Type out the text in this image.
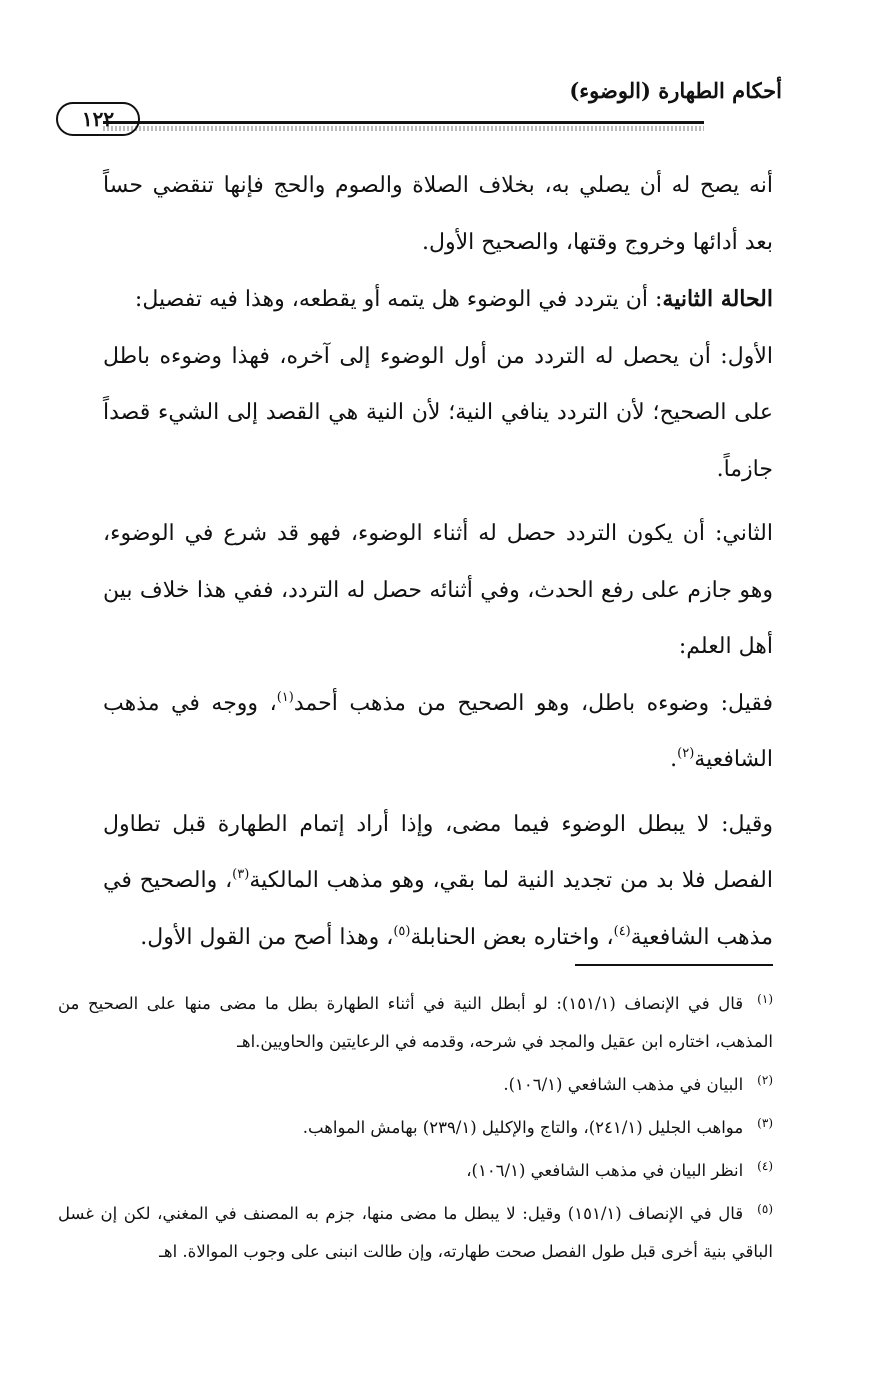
أحكام الطهارة (الوضوء)
١٢٢

أنه يصح له أن يصلي به، بخلاف الصلاة والصوم والحج فإنها تنقضي حساً بعد أدائها وخروج وقتها، والصحيح الأول.

الحالة الثانية: أن يتردد في الوضوء هل يتمه أو يقطعه، وهذا فيه تفصيل:

الأول: أن يحصل له التردد من أول الوضوء إلى آخره، فهذا وضوءه باطل على الصحيح؛ لأن التردد ينافي النية؛ لأن النية هي القصد إلى الشيء قصداً جازماً.

الثاني: أن يكون التردد حصل له أثناء الوضوء، فهو قد شرع في الوضوء، وهو جازم على رفع الحدث، وفي أثنائه حصل له التردد، ففي هذا خلاف بين أهل العلم:

فقيل: وضوءه باطل، وهو الصحيح من مذهب أحمد$^{(١)}$، ووجه في مذهب الشافعية$^{(٢)}$.

وقيل: لا يبطل الوضوء فيما مضى، وإذا أراد إتمام الطهارة قبل تطاول الفصل فلا بد من تجديد النية لما بقي، وهو مذهب المالكية$^{(٣)}$، والصحيح في مذهب الشافعية$^{(٤)}$، واختاره بعض الحنابلة$^{(٥)}$، وهذا أصح من القول الأول.

$^{(١)}$قال في الإنصاف (١٥١/١): لو أبطل النية في أثناء الطهارة بطل ما مضى منها على الصحيح من المذهب، اختاره ابن عقيل والمجد في شرحه، وقدمه في الرعايتين والحاويين.اهـ

$^{(٢)}$البيان في مذهب الشافعي (١٠٦/١).

$^{(٣)}$مواهب الجليل (٢٤١/١)، والتاج والإكليل (٢٣٩/١) بهامش المواهب.

$^{(٤)}$انظر البيان في مذهب الشافعي (١٠٦/١)،

$^{(٥)}$قال في الإنصاف (١٥١/١) وقيل: لا يبطل ما مضى منها، جزم به المصنف في المغني، لكن إن غسل الباقي بنية أخرى قبل طول الفصل صحت طهارته، وإن طالت انبنى على وجوب الموالاة. اهـ
